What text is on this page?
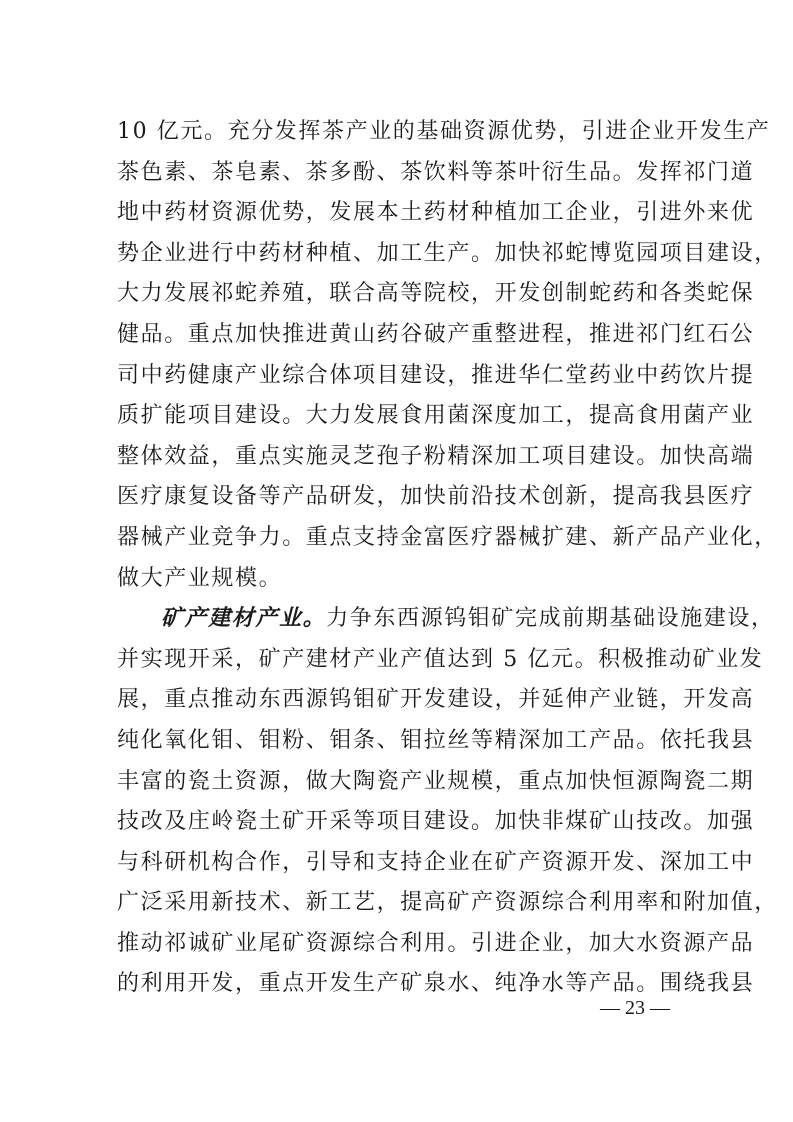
10 亿元。充分发挥茶产业的基础资源优势，引进企业开发生产
茶色素、茶皂素、茶多酚、茶饮料等茶叶衍生品。发挥祁门道
地中药材资源优势，发展本土药材种植加工企业，引进外来优
势企业进行中药材种植、加工生产。加快祁蛇博览园项目建设，
大力发展祁蛇养殖，联合高等院校，开发创制蛇药和各类蛇保
健品。重点加快推进黄山药谷破产重整进程，推进祁门红石公
司中药健康产业综合体项目建设，推进华仁堂药业中药饮片提
质扩能项目建设。大力发展食用菌深度加工，提高食用菌产业
整体效益，重点实施灵芝孢子粉精深加工项目建设。加快高端
医疗康复设备等产品研发，加快前沿技术创新，提高我县医疗
器械产业竞争力。重点支持金富医疗器械扩建、新产品产业化，
做大产业规模。
矿产建材产业。力争东西源钨钼矿完成前期基础设施建设，
并实现开采，矿产建材产业产值达到 5 亿元。积极推动矿业发
展，重点推动东西源钨钼矿开发建设，并延伸产业链，开发高
纯化氧化钼、钼粉、钼条、钼拉丝等精深加工产品。依托我县
丰富的瓷土资源，做大陶瓷产业规模，重点加快恒源陶瓷二期
技改及庄岭瓷土矿开采等项目建设。加快非煤矿山技改。加强
与科研机构合作，引导和支持企业在矿产资源开发、深加工中
广泛采用新技术、新工艺，提高矿产资源综合利用率和附加值，
推动祁诚矿业尾矿资源综合利用。引进企业，加大水资源产品
的利用开发，重点开发生产矿泉水、纯净水等产品。围绕我县
— 23 —
